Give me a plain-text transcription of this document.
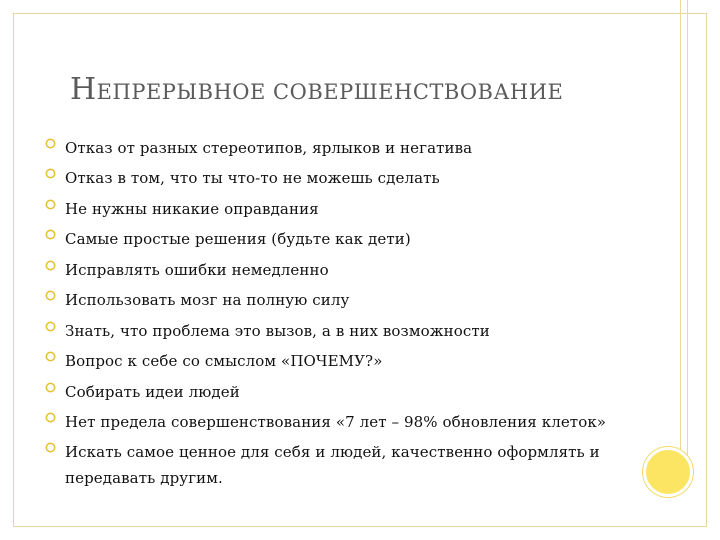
НЕПРЕРЫВНОЕ СОВЕРШЕНСТВОВАНИЕ
Отказ от разных стереотипов, ярлыков и негатива
Отказ в том, что ты что-то не можешь сделать
Не нужны никакие оправдания
Самые простые решения (будьте как дети)
Исправлять ошибки немедленно
Использовать мозг на полную силу
Знать, что проблема это вызов, а в них возможности
Вопрос к себе со смыслом «ПОЧЕМУ?»
Собирать идеи людей
Нет предела совершенствования «7 лет – 98% обновления клеток»
Искать самое ценное для себя и людей, качественно оформлять и передавать другим.
